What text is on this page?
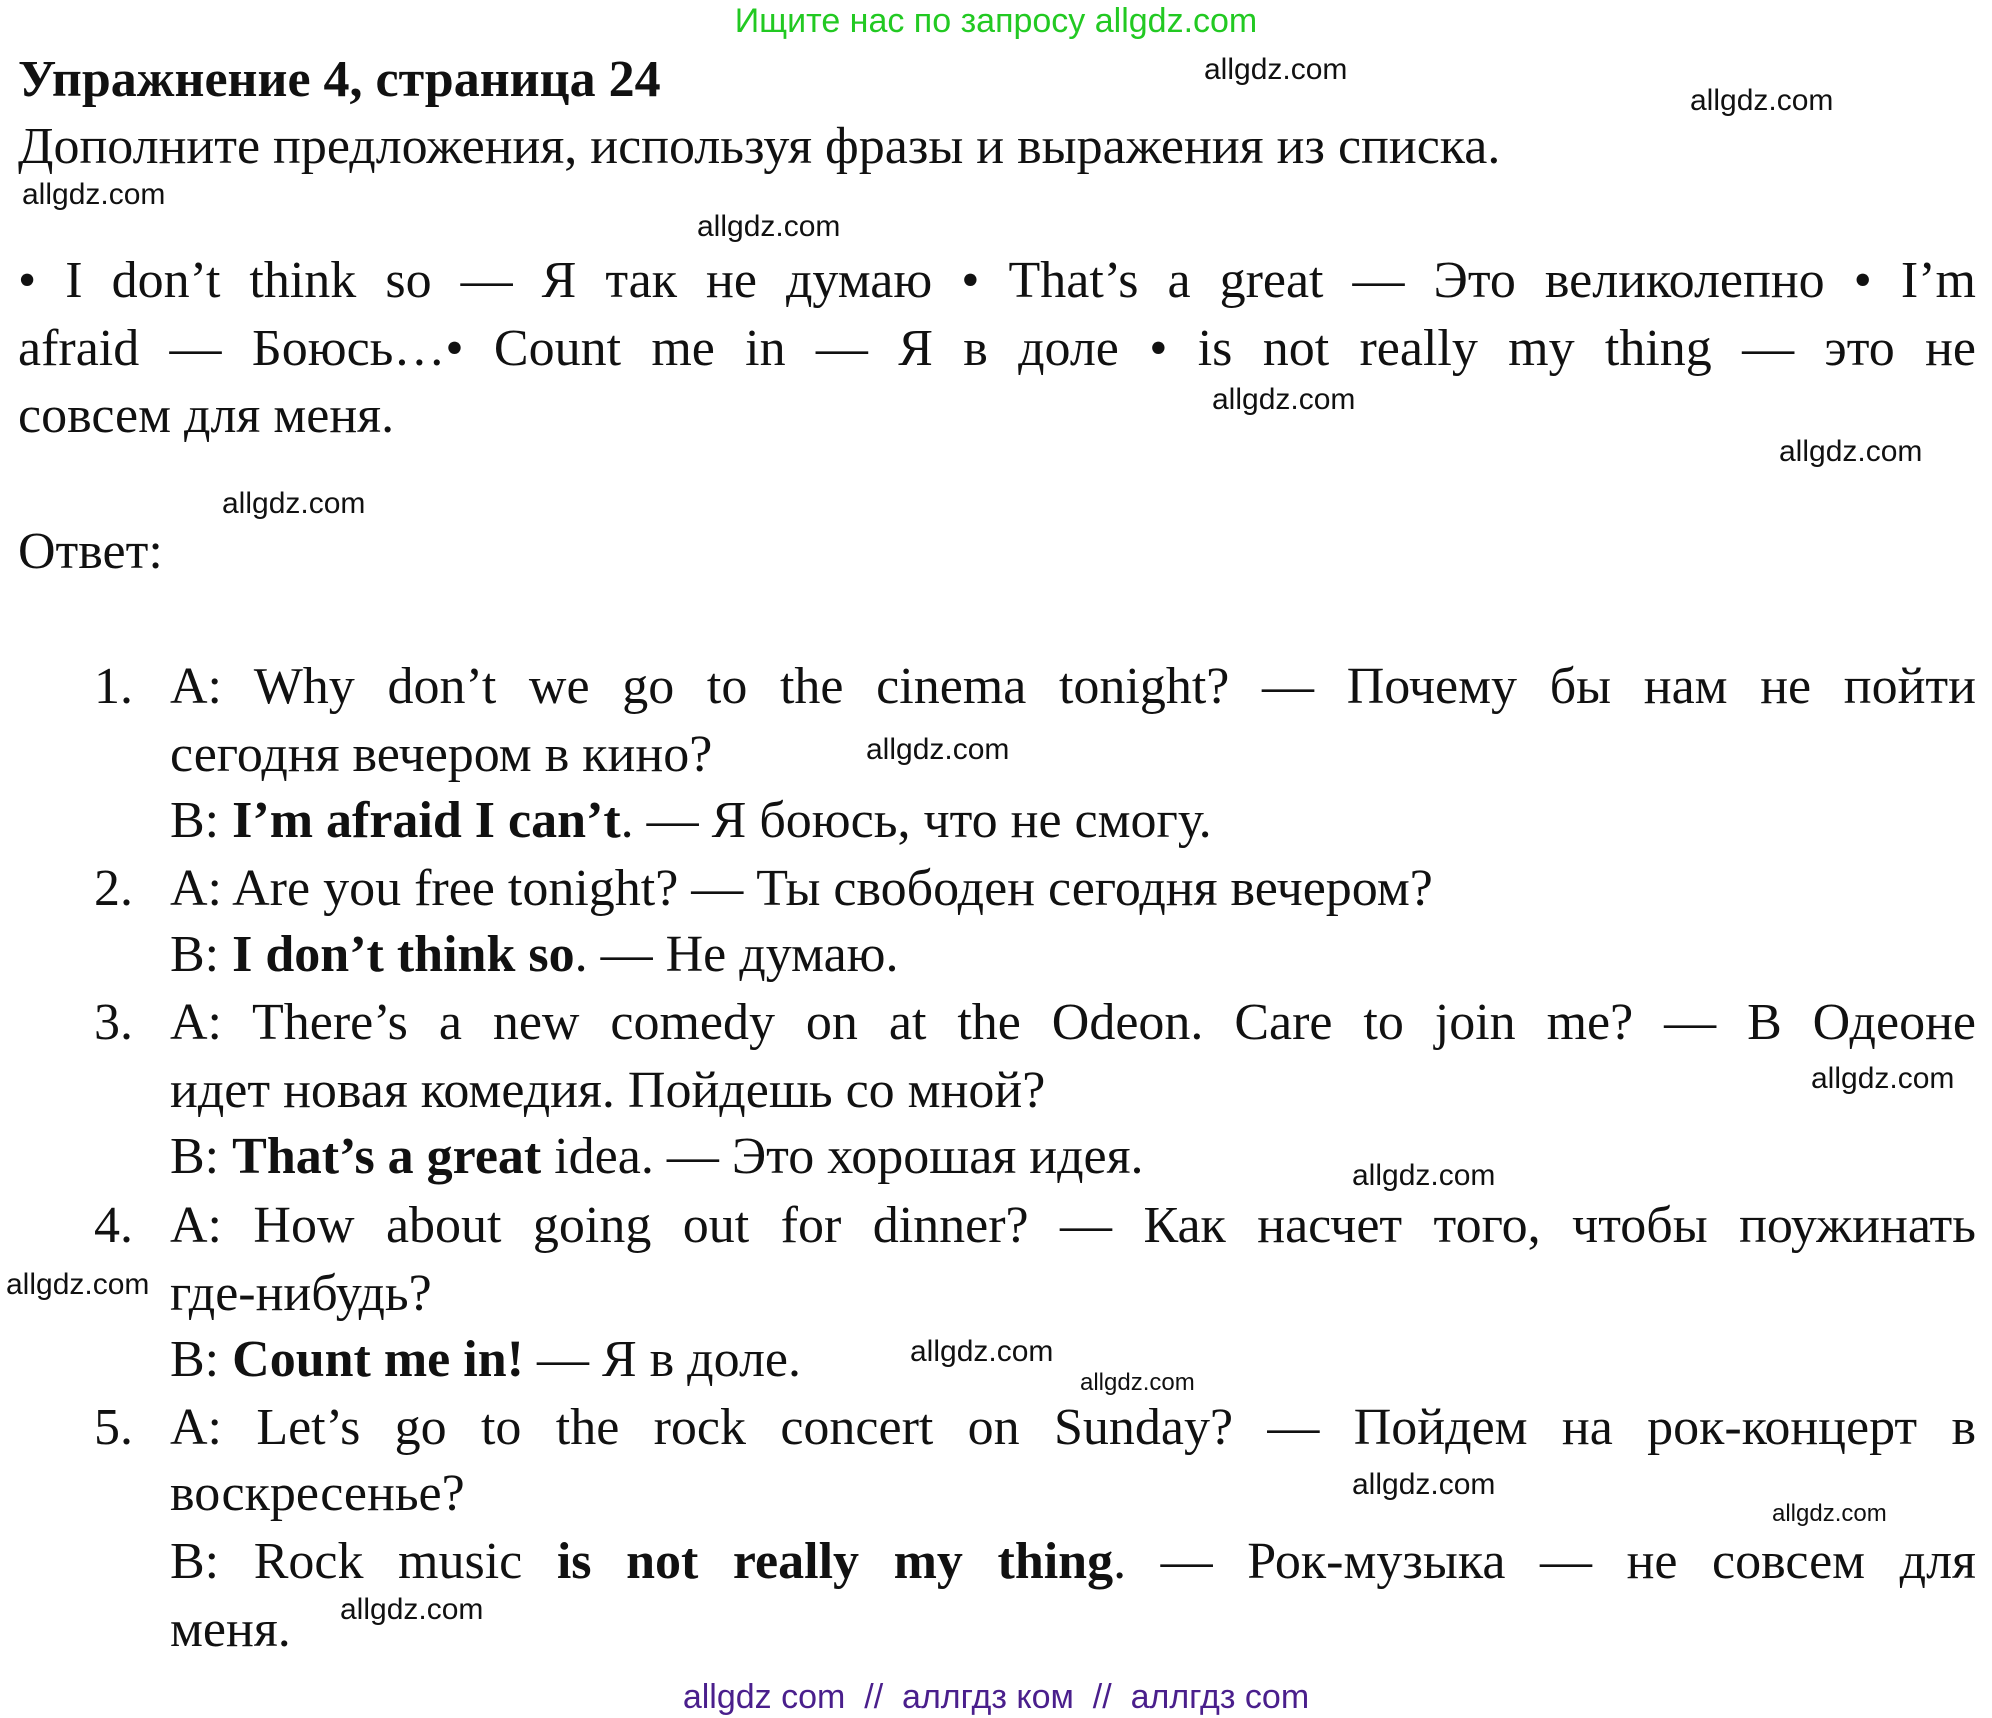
Ищите нас по запросу allgdz.com
Упражнение 4, страница 24
Дополните предложения, используя фразы и выражения из списка.
• I don’t think so — Я так не думаю • That’s a great — Это великолепно • I’m
afraid — Боюсь…• Count me in — Я в доле • is not really my thing — это не
совсем для меня.
Ответ:
1. A: Why don’t we go to the cinema tonight? — Почему бы нам не пойти
сегодня вечером в кино?
B: I’m afraid I can’t. — Я боюсь, что не смогу.
2. A: Are you free tonight? — Ты свободен сегодня вечером?
B: I don’t think so. — Не думаю.
3. A: There’s a new comedy on at the Odeon. Care to join me? — В Одеоне
идет новая комедия. Пойдешь со мной?
B: That’s a great idea. — Это хорошая идея.
4. A: How about going out for dinner? — Как насчет того, чтобы поужинать
где-нибудь?
B: Count me in! — Я в доле.
5. A: Let’s go to the rock concert on Sunday? — Пойдем на рок-концерт в
воскресенье?
B: Rock music is not really my thing. — Рок-музыка — не совсем для
меня.
allgdz.com
allgdz.com
allgdz.com
allgdz.com
allgdz.com
allgdz.com
allgdz.com
allgdz.com
allgdz.com
allgdz.com
allgdz.com
allgdz.com
allgdz.com
allgdz.com
allgdz.com
allgdz.com
allgdz com  //  аллгдз ком  //  аллгдз com
